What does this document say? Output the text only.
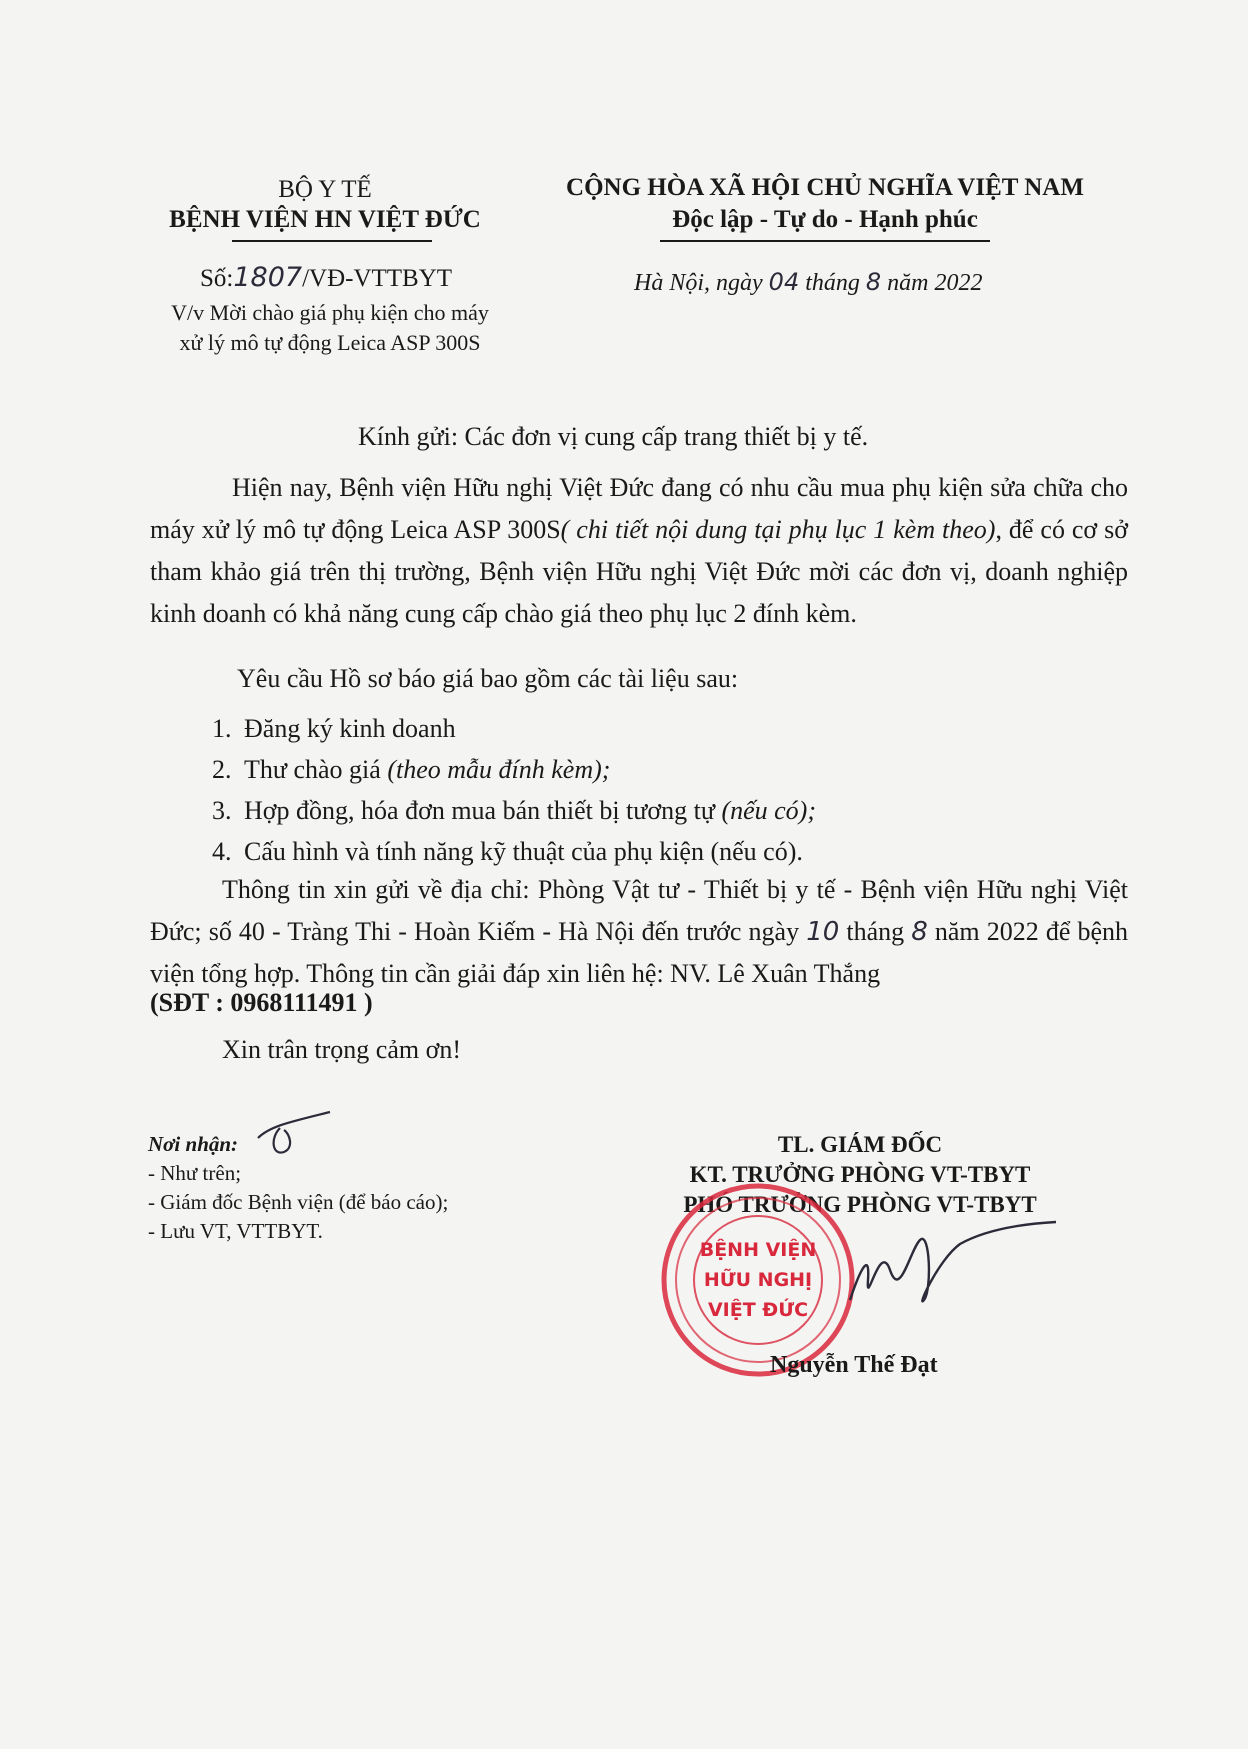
BỘ Y TẾ
BỆNH VIỆN HN VIỆT ĐỨC
Số:1807/VĐ-VTTBYT
V/v Mời chào giá phụ kiện cho máy
xử lý mô tự động Leica ASP 300S
CỘNG HÒA XÃ HỘI CHỦ NGHĨA VIỆT NAM
Độc lập - Tự do - Hạnh phúc
Hà Nội, ngày 04 tháng 8 năm 2022
Kính gửi: Các đơn vị cung cấp trang thiết bị y tế.
Hiện nay, Bệnh viện Hữu nghị Việt Đức đang có nhu cầu mua phụ kiện sửa chữa cho máy xử lý mô tự động Leica ASP 300S( chi tiết nội dung tại phụ lục 1 kèm theo), để có cơ sở tham khảo giá trên thị trường, Bệnh viện Hữu nghị Việt Đức mời các đơn vị, doanh nghiệp kinh doanh có khả năng cung cấp chào giá theo phụ lục 2 đính kèm.
Yêu cầu Hồ sơ báo giá bao gồm các tài liệu sau:
1. Đăng ký kinh doanh
2. Thư chào giá (theo mẫu đính kèm);
3. Hợp đồng, hóa đơn mua bán thiết bị tương tự (nếu có);
4. Cấu hình và tính năng kỹ thuật của phụ kiện (nếu có).
Thông tin xin gửi về địa chỉ: Phòng Vật tư - Thiết bị y tế - Bệnh viện Hữu nghị Việt Đức; số 40 - Tràng Thi - Hoàn Kiếm - Hà Nội đến trước ngày 10 tháng 8 năm 2022 để bệnh viện tổng hợp. Thông tin cần giải đáp xin liên hệ: NV. Lê Xuân Thắng
(SĐT : 0968111491 )
Xin trân trọng cảm ơn!
Nơi nhận:
- Như trên;
- Giám đốc Bệnh viện (để báo cáo);
- Lưu VT, VTTBYT.
TL. GIÁM ĐỐC
KT. TRƯỞNG PHÒNG VT-TBYT
PHÓ TRƯỞNG PHÒNG VT-TBYT
BỆNH VIỆN
HỮU NGHỊ
VIỆT ĐỨC
Nguyễn Thế Đạt
